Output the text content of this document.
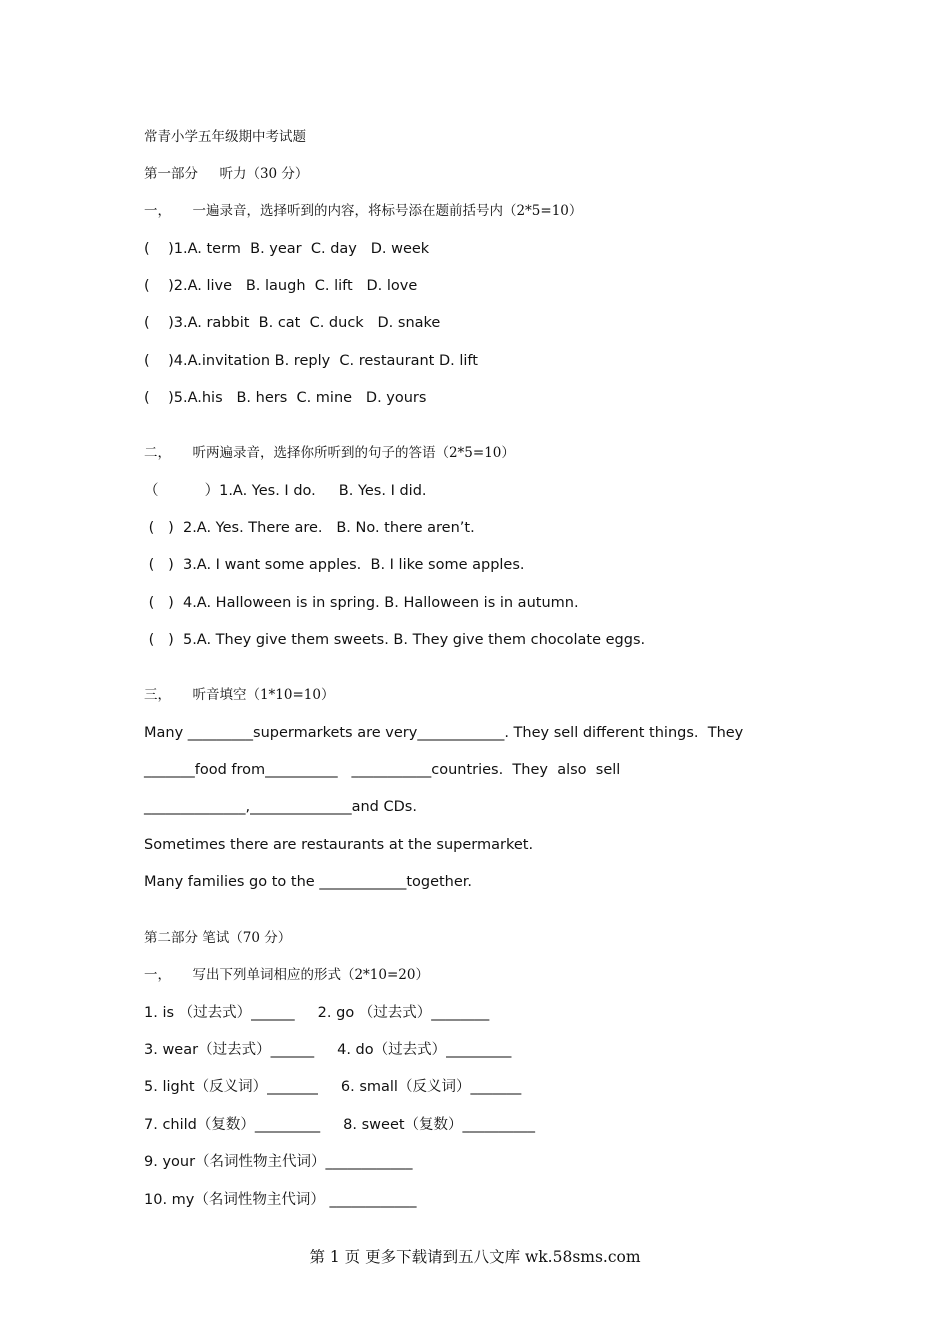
常青小学五年级期中考试题
第一部分     听力（30 分）
一，     一遍录音，选择听到的内容，将标号添在题前括号内（2*5=10）
(    )1.A. term  B. year  C. day   D. week
(    )2.A. live   B. laugh  C. lift   D. love
(    )3.A. rabbit  B. cat  C. duck   D. snake
(    )4.A.invitation B. reply  C. restaurant D. lift
(    )5.A.his   B. hers  C. mine   D. yours
二，     听两遍录音，选择你所听到的句子的答语（2*5=10）
（          ）1.A. Yes. I do.     B. Yes. I did.
(   )  2.A. Yes. There are.   B. No. there aren’t.
(   )  3.A. I want some apples.  B. I like some apples.
(   )  4.A. Halloween is in spring. B. Halloween is in autumn.
(   )  5.A. They give them sweets. B. They give them chocolate eggs.
三，     听音填空（1*10=10）
Many _________supermarkets are very____________. They sell different things.  They
_______food from__________   ___________countries.  They  also  sell
______________,______________and CDs.
Sometimes there are restaurants at the supermarket.
Many families go to the ____________together.
第二部分 笔试（70 分）
一，     写出下列单词相应的形式（2*10=20）
1. is （过去式）______     2. go （过去式）________
3. wear（过去式）______     4. do（过去式）_________
5. light（反义词）_______     6. small（反义词）_______
7. child（复数）_________     8. sweet（复数）__________
9. your（名词性物主代词）____________
10. my（名词性物主代词） ____________
第 1 页 更多下载请到五八文库 wk.58sms.com
